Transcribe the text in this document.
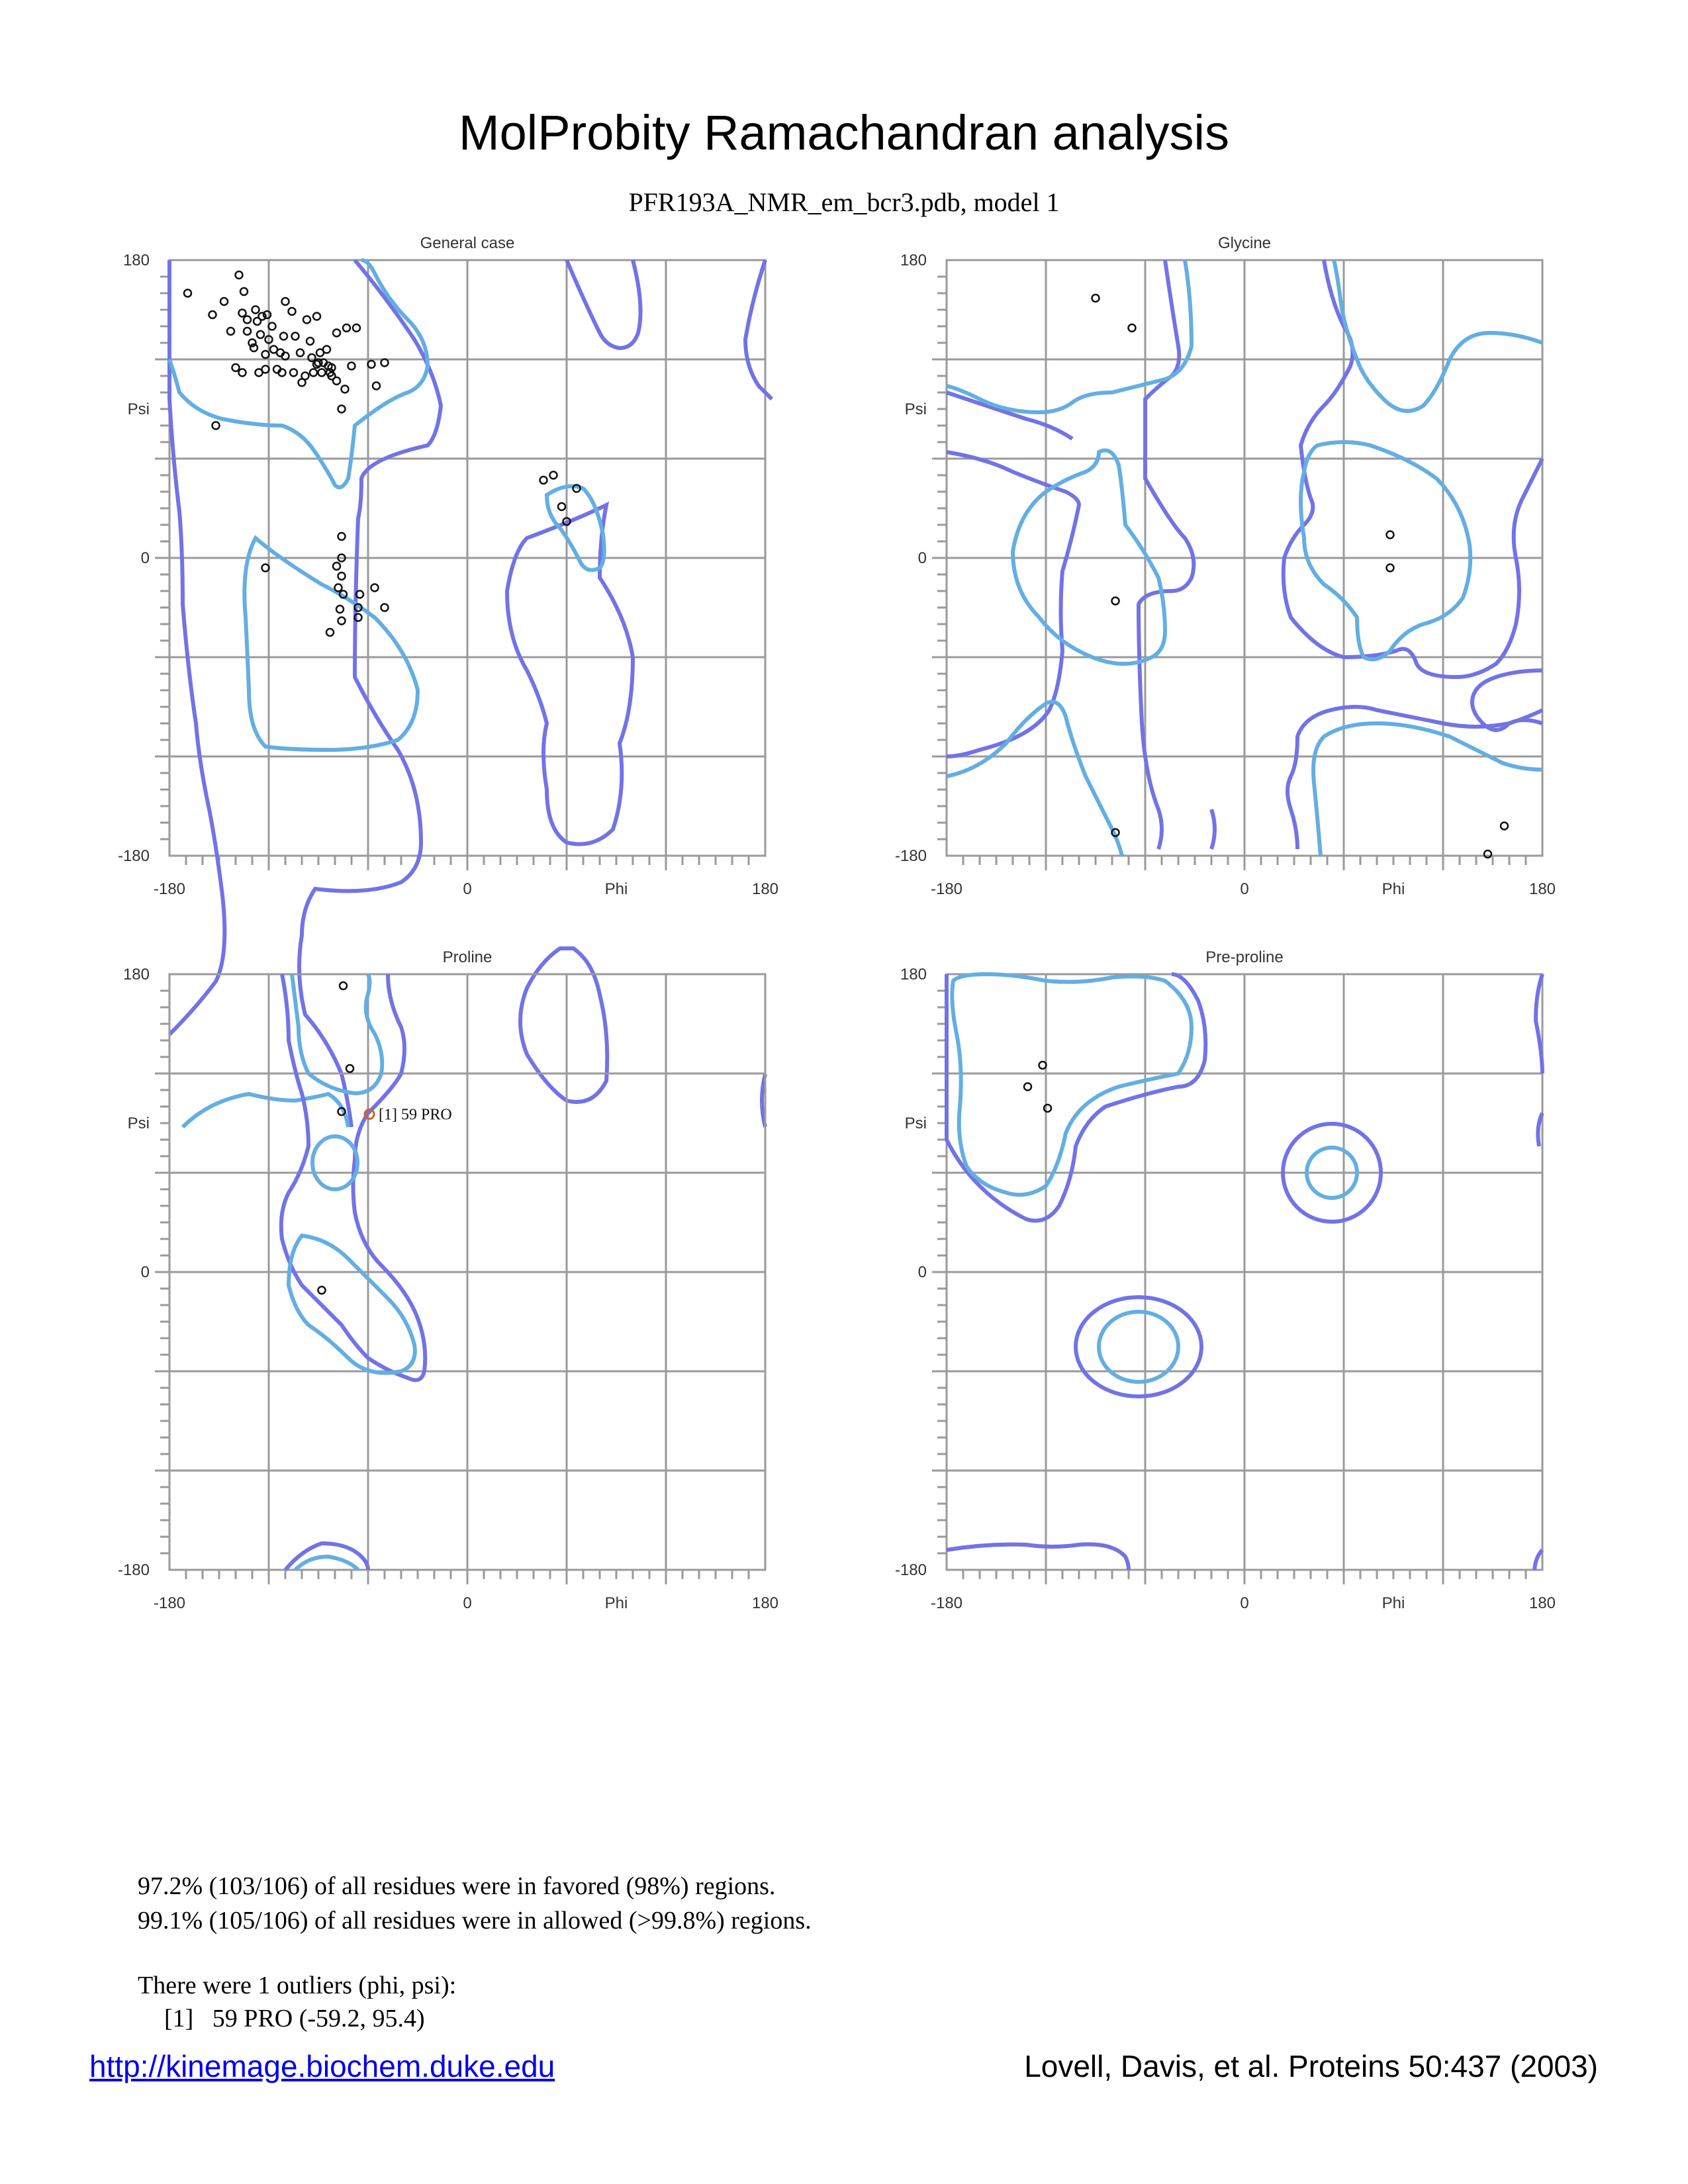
MolProbity Ramachandran analysis
PFR193A_NMR_em_bcr3.pdb, model 1
General case
-180	0	180
Phi
180
0
-180
Psi
Glycine
-180	0	180
Phi
180
0
-180
Psi
Proline
-180	0	180
Phi
180
0
-180
Psi	[1] 59 PRO
Pre-proline
-180	0	180
Phi
180
0
-180
Psi
97.2% (103/106) of all residues were in favored (98%) regions.
99.1% (105/106) of all residues were in allowed (>99.8%) regions.
There were 1 outliers (phi, psi):
[1]   59 PRO (-59.2, 95.4)
http://kinemage.biochem.duke.edu	Lovell, Davis, et al. Proteins 50:437 (2003)
